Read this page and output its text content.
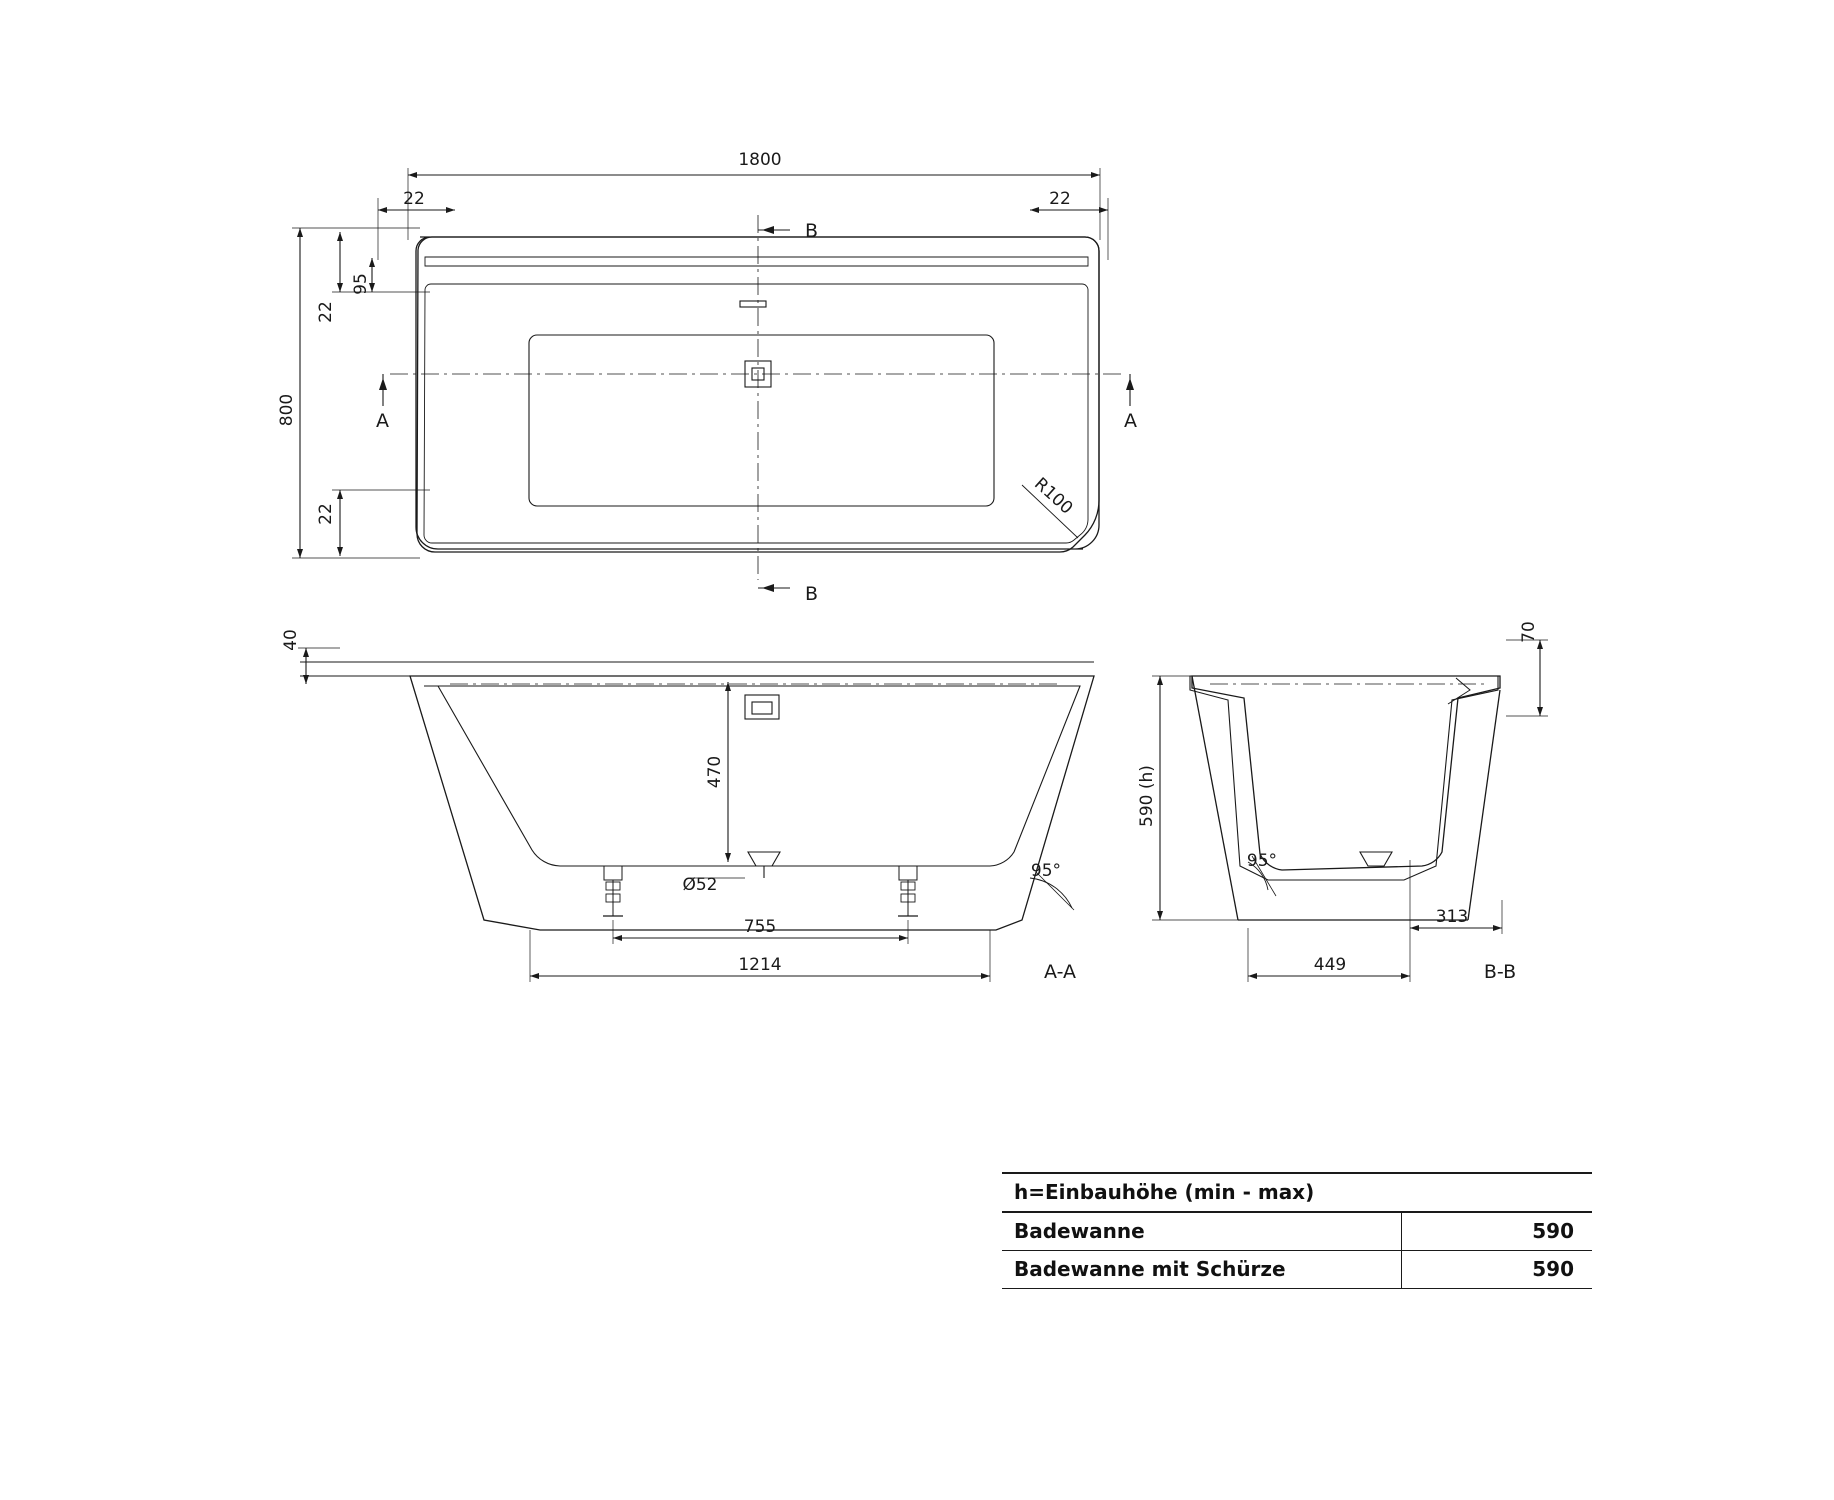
1800
22	22
800
22
95
22	R100
B
B
A	A
40
470
Ø52
755
1214
95°
A-A
590 (h)
70
313
449
95°
B-B
h=Einbauhöhe (min - max)	
Badewanne	590
Badewanne mit Schürze	590
